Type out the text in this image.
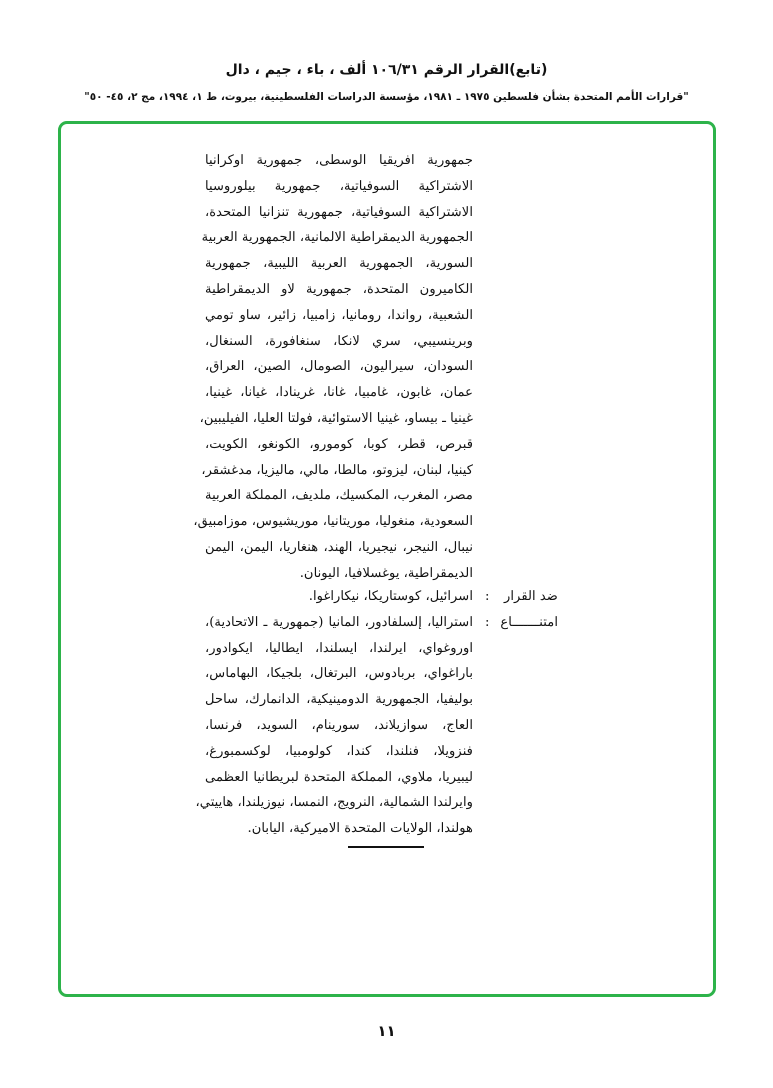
(تابع)القرار الرقم ١٠٦/٣١ ألف ، باء ، جيم ، دال
"قرارات الأمم المتحدة بشأن فلسطين ١٩٧٥ ـ ١٩٨١، مؤسسة الدراسات الفلسطينية، بيروت، ط ١، ١٩٩٤، مج ٢، ٤٥- ٥٠"
جمهورية افريقيا الوسطى، جمهورية اوكرانيا
الاشتراكية السوفياتية، جمهورية بيلوروسيا
الاشتراكية السوفياتية، جمهورية تنزانيا المتحدة،
الجمهورية الديمقراطية الالمانية، الجمهورية العربية
السورية، الجمهورية العربية الليبية، جمهورية
الكاميرون المتحدة، جمهورية لاو الديمقراطية
الشعبية، رواندا، رومانيا، زامبيا، زائير، ساو تومي
وبرينسيبي، سري لانكا، سنغافورة، السنغال،
السودان، سيراليون، الصومال، الصين، العراق،
عمان، غابون، غامبيا، غانا، غرينادا، غيانا، غينيا،
غينيا ـ بيساو، غينيا الاستوائية، فولتا العليا، الفيليبين،
قبرص، قطر، كوبا، كومورو، الكونغو، الكويت،
كينيا، لبنان، ليزوتو، مالطا، مالي، ماليزيا، مدغشقر،
مصر، المغرب، المكسيك، ملديف، المملكة العربية
السعودية، منغوليا، موريتانيا، موريشيوس، موزامبيق،
نيبال، النيجر، نيجيريا، الهند، هنغاريا، اليمن، اليمن
الديمقراطية، يوغسلافيا، اليونان.
ضد القرار
:
امتنـــــــاع
:
اسرائيل، كوستاريكا، نيكاراغوا.
استراليا، إلسلفادور، المانيا (جمهورية ـ الاتحادية)،
اوروغواي، ايرلندا، ايسلندا، ايطاليا، ايكوادور،
باراغواي، بربادوس، البرتغال، بلجيكا، البهاماس،
بوليفيا، الجمهورية الدومينيكية، الدانمارك، ساحل
العاج، سوازيلاند، سورينام، السويد، فرنسا،
فنزويلا، فنلندا، كندا، كولومبيا، لوكسمبورغ،
ليبيريا، ملاوي، المملكة المتحدة لبريطانيا العظمى
وايرلندا الشمالية، النرويج، النمسا، نيوزيلندا، هاييتي،
هولندا، الولايات المتحدة الاميركية، اليابان.
١١
